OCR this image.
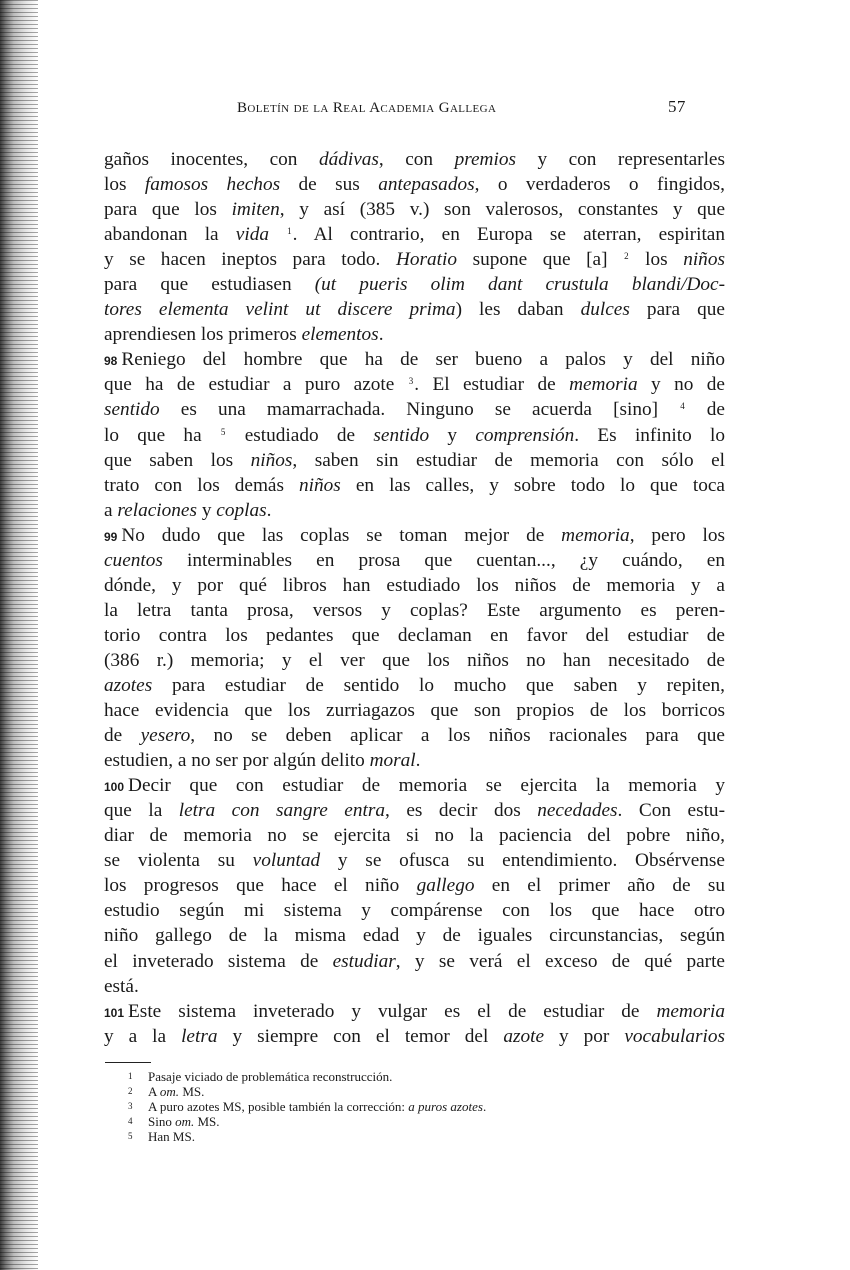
Boletín de la Real Academia Gallega	57
gaños inocentes, con dádivas, con premios y con representarles
los famosos hechos de sus antepasados, o verdaderos o fingidos,
para que los imiten, y así (385 v.) son valerosos, constantes y que
abandonan la vida $^1$. Al contrario, en Europa se aterran, espiritan
y se hacen ineptos para todo. Horatio supone que [a] $^2$ los niños
para que estudiasen (ut pueris olim dant crustula blandi/Doc-
tores elementa velint ut discere prima) les daban dulces para que
aprendiesen los primeros elementos.
98 Reniego del hombre que ha de ser bueno a palos y del niño
que ha de estudiar a puro azote $^3$. El estudiar de memoria y no de
sentido es una mamarrachada. Ninguno se acuerda [sino] $^4$ de
lo que ha $^5$ estudiado de sentido y comprensión. Es infinito lo
que saben los niños, saben sin estudiar de memoria con sólo el
trato con los demás niños en las calles, y sobre todo lo que toca
a relaciones y coplas.
99 No dudo que las coplas se toman mejor de memoria, pero los
cuentos interminables en prosa que cuentan..., ¿y cuándo, en
dónde, y por qué libros han estudiado los niños de memoria y a
la letra tanta prosa, versos y coplas? Este argumento es peren-
torio contra los pedantes que declaman en favor del estudiar de
(386 r.) memoria; y el ver que los niños no han necesitado de
azotes para estudiar de sentido lo mucho que saben y repiten,
hace evidencia que los zurriagazos que son propios de los borricos
de yesero, no se deben aplicar a los niños racionales para que
estudien, a no ser por algún delito moral.
100 Decir que con estudiar de memoria se ejercita la memoria y
que la letra con sangre entra, es decir dos necedades. Con estu-
diar de memoria no se ejercita si no la paciencia del pobre niño,
se violenta su voluntad y se ofusca su entendimiento. Obsérvense
los progresos que hace el niño gallego en el primer año de su
estudio según mi sistema y compárense con los que hace otro
niño gallego de la misma edad y de iguales circunstancias, según
el inveterado sistema de estudiar, y se verá el exceso de qué parte
está.
101 Este sistema inveterado y vulgar es el de estudiar de memoria
y a la letra y siempre con el temor del azote y por vocabularios
1	Pasaje viciado de problemática reconstrucción.
2	A om. MS.
3	A puro azotes MS, posible también la corrección: a puros azotes.
4	Sino om. MS.
5	Han MS.
